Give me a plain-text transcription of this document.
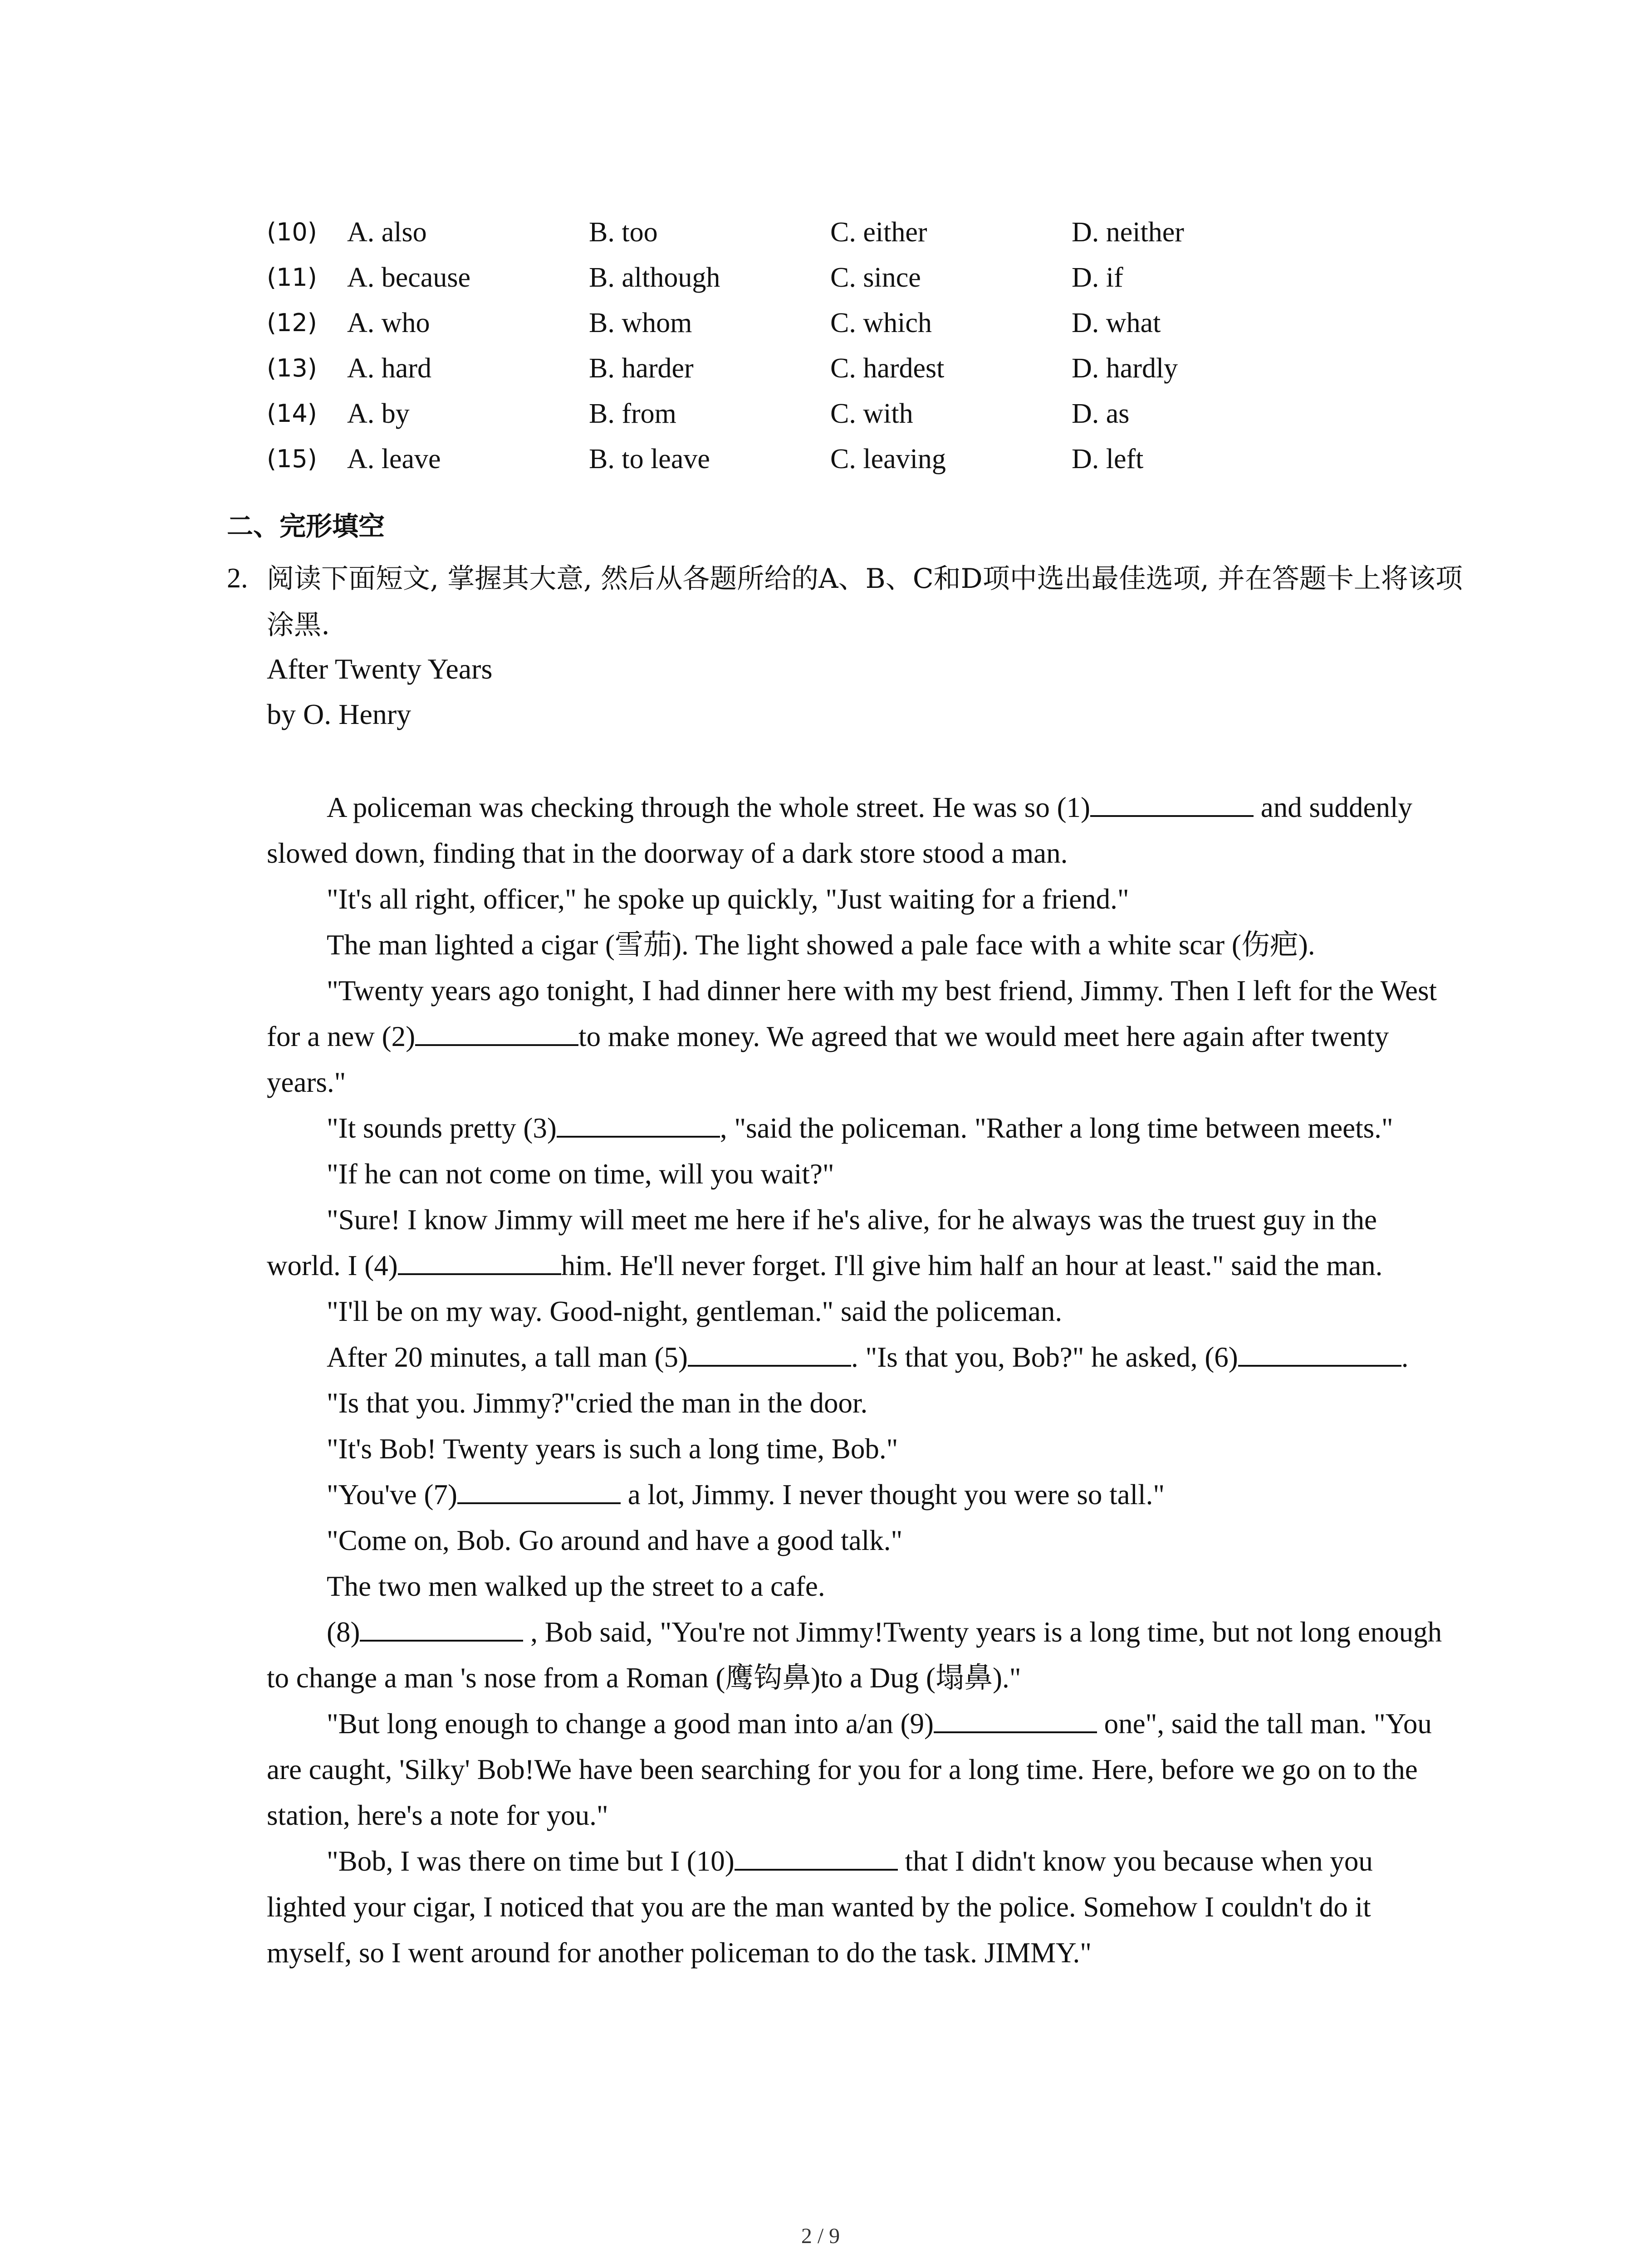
(10) A. also	B. too	C. either	D. neither
(11) A. because	B. although	C. since	D. if
(12) A. who	B. whom	C. which	D. what
(13) A. hard	B. harder	C. hardest	D. hardly
(14) A. by	B. from	C. with	D. as
(15) A. leave	B. to leave	C. leaving	D. left
二、完形填空
2. 阅读下面短文, 掌握其大意, 然后从各题所给的A、B、C和D项中选出最佳选项, 并在答题卡上将该项涂黑.
After Twenty Years
by O. Henry

A policeman was checking through the whole street. He was so (1)	and suddenly slowed down, finding that in the doorway of a dark store stood a man.

"It's all right, officer," he spoke up quickly, "Just waiting for a friend."

The man lighted a cigar (雪茄). The light showed a pale face with a white scar (伤疤).

"Twenty years ago tonight, I had dinner here with my best friend, Jimmy. Then I left for the West for a new (2)	to make money. We agreed that we would meet here again after twenty years."

"It sounds pretty (3)	, "said the policeman. "Rather a long time between meets."

"If he can not come on time, will you wait?"

"Sure! I know Jimmy will meet me here if he's alive, for he always was the truest guy in the world. I (4)	him. He'll never forget. I'll give him half an hour at least." said the man.

"I'll be on my way. Good-night, gentleman." said the policeman.

After 20 minutes, a tall man (5)	. "Is that you, Bob?" he asked, (6)	.

"Is that you. Jimmy?"cried the man in the door.

"It's Bob! Twenty years is such a long time, Bob."

"You've (7)	a lot, Jimmy. I never thought you were so tall."

"Come on, Bob. Go around and have a good talk."

The two men walked up the street to a cafe.

(8)	, Bob said, "You're not Jimmy!Twenty years is a long time, but not long enough to change a man 's nose from a Roman (鹰钩鼻)to a Dug (塌鼻)."

"But long enough to change a good man into a/an (9)	one", said the tall man. "You are caught, 'Silky' Bob!We have been searching for you for a long time. Here, before we go on to the station, here's a note for you."

"Bob, I was there on time but I (10)	that I didn't know you because when you lighted your cigar, I noticed that you are the man wanted by the police. Somehow I couldn't do it myself, so I went around for another policeman to do the task. JIMMY."

2 / 9
